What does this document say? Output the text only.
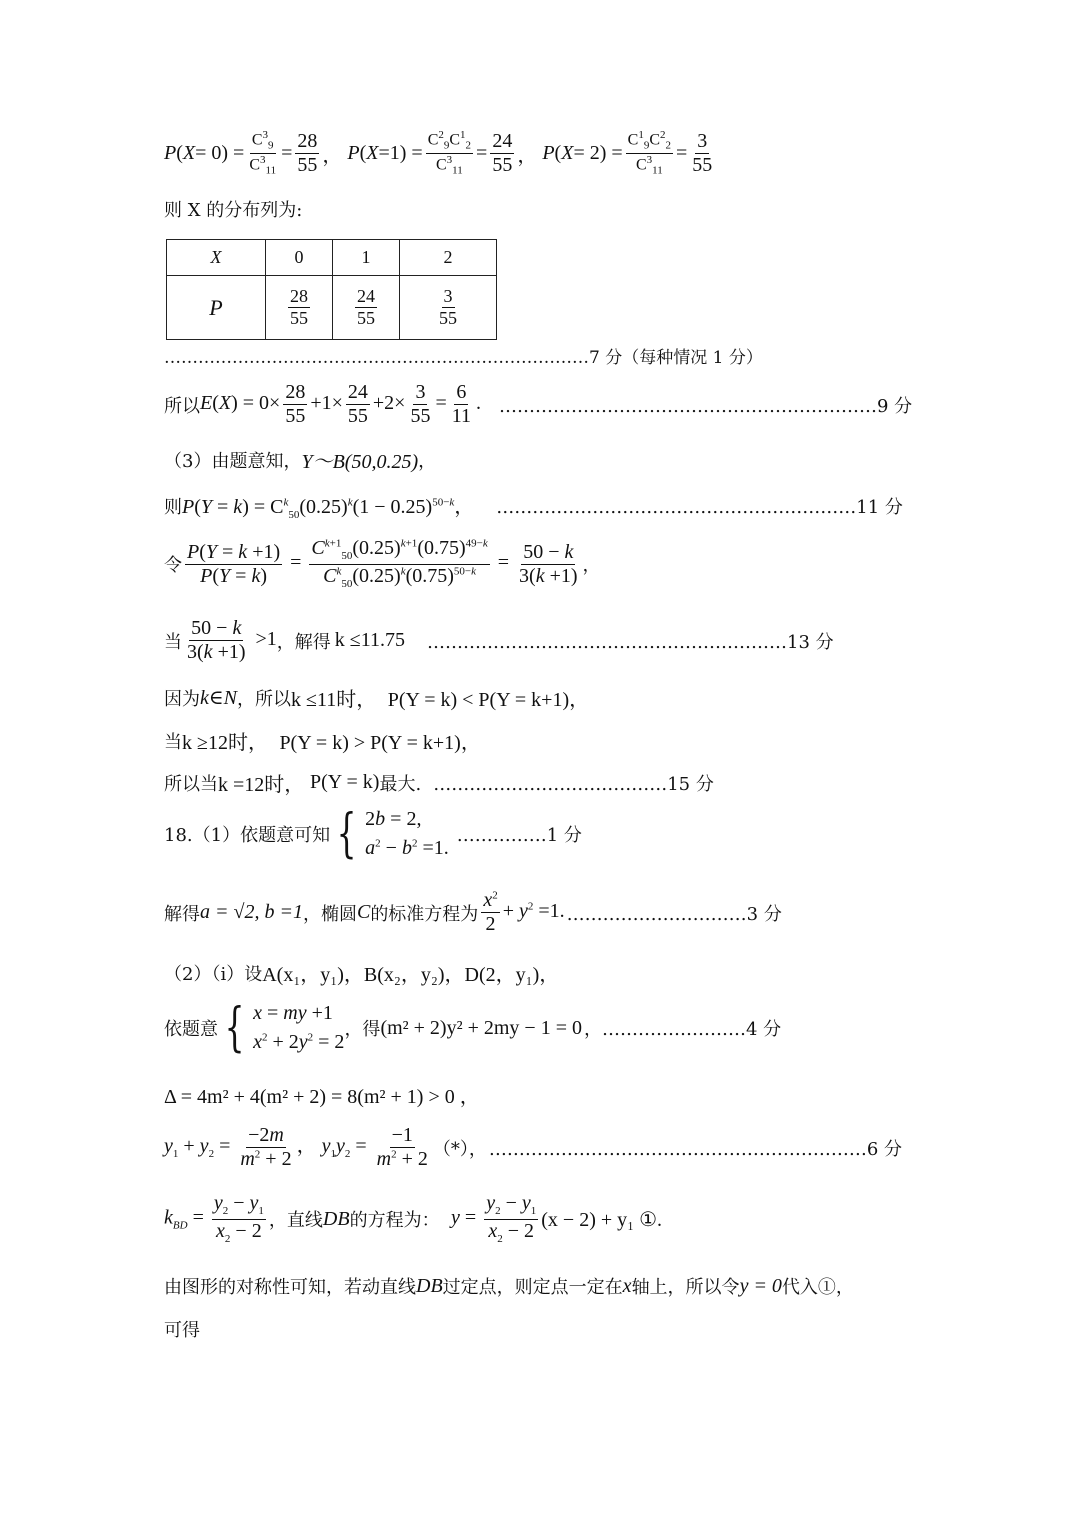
P ( $X = 0) = \frac{C^3_9}{C^3_{11}} = \frac{28}{55}$ ， P ( $X =1) = \frac{C^2_9C^1_2}{C^3_{11}} = \frac{24}{55}$ ， P ( $X = 2) = \frac{C^1_9C^2_2}{C^3_{11}} = \frac{3}{55}$
则 X 的分布列为:
X	0	1	2
P	$\frac{28}{55}$	$\frac{24}{55}$	$\frac{3}{55}$
…………………………………………………………………7 分（每种情况 1 分）
所以 $E(X) = 0\times \frac{28}{55} +1\times \frac{24}{55} +2\times \frac{3}{55} = \frac{6}{11}$ . ………………………………………………………9 分
（3）由题意知， Y～B(50,0.25) ，
则 $P(Y = k) = C^k_{50}(0.25)^k(1 - 0.25)^{50-k}$， ……………………………………………………11 分
令 $\frac{P(Y = k +1)}{P(Y = k)} = \frac{C^{k+1}_{50}(0.25)^{k+1}(0.75)^{49-k}}{C^k_{50}(0.25)^k(0.75)^{50-k}} = \frac{50 - k}{3(k +1)}$ ，
当 $\frac{50 - k}{3(k +1)} >1$ ，解得 k ≤11.75 ……………………………………………………13 分
因为 k∈N ，所以 k ≤11时，
P(Y = k) < P(Y = k+1)，
当 k ≥12时，
P(Y = k) > P(Y = k+1)，
所以当 k =12时，
P(Y = k) 最大. …………………………………15 分
18.（1）依题意可知 { 2b = 2,
$a^2 - b^2 =1$.
……………1 分
解得 a = √2, b =1 ，椭圆 C 的标准方程为 $\frac{x^2}{2} + y^2 =1$. …………………………3 分
（2）（ⅰ）设 A(x₁，y₁)，B(x₂，y₂)，D(2，y₁)，
依题意 { x = my +1
$x^2 + 2y^2 = 2$
，得 (m² + 2)y² + 2my − 1 = 0 ，……………………4 分
Δ = 4m² + 4(m² + 2) = 8(m² + 1) > 0 ，
$y_1 + y_2 = \frac{-2m}{m^2 + 2}$ ， $y_1y_2 = \frac{-1}{m^2 + 2}$ （*）， ………………………………………………………6 分
$k_{BD} = \frac{y_2 - y_1}{x_2 - 2}$ ，直线 DB 的方程为：
$y = \frac{y_2 - y_1}{x_2 - 2} (x - 2) + y_1$ ①.
由图形的对称性可知，若动直线 DB 过定点，则定点一定在 x 轴上，所以令 y = 0 代入①，
可得
